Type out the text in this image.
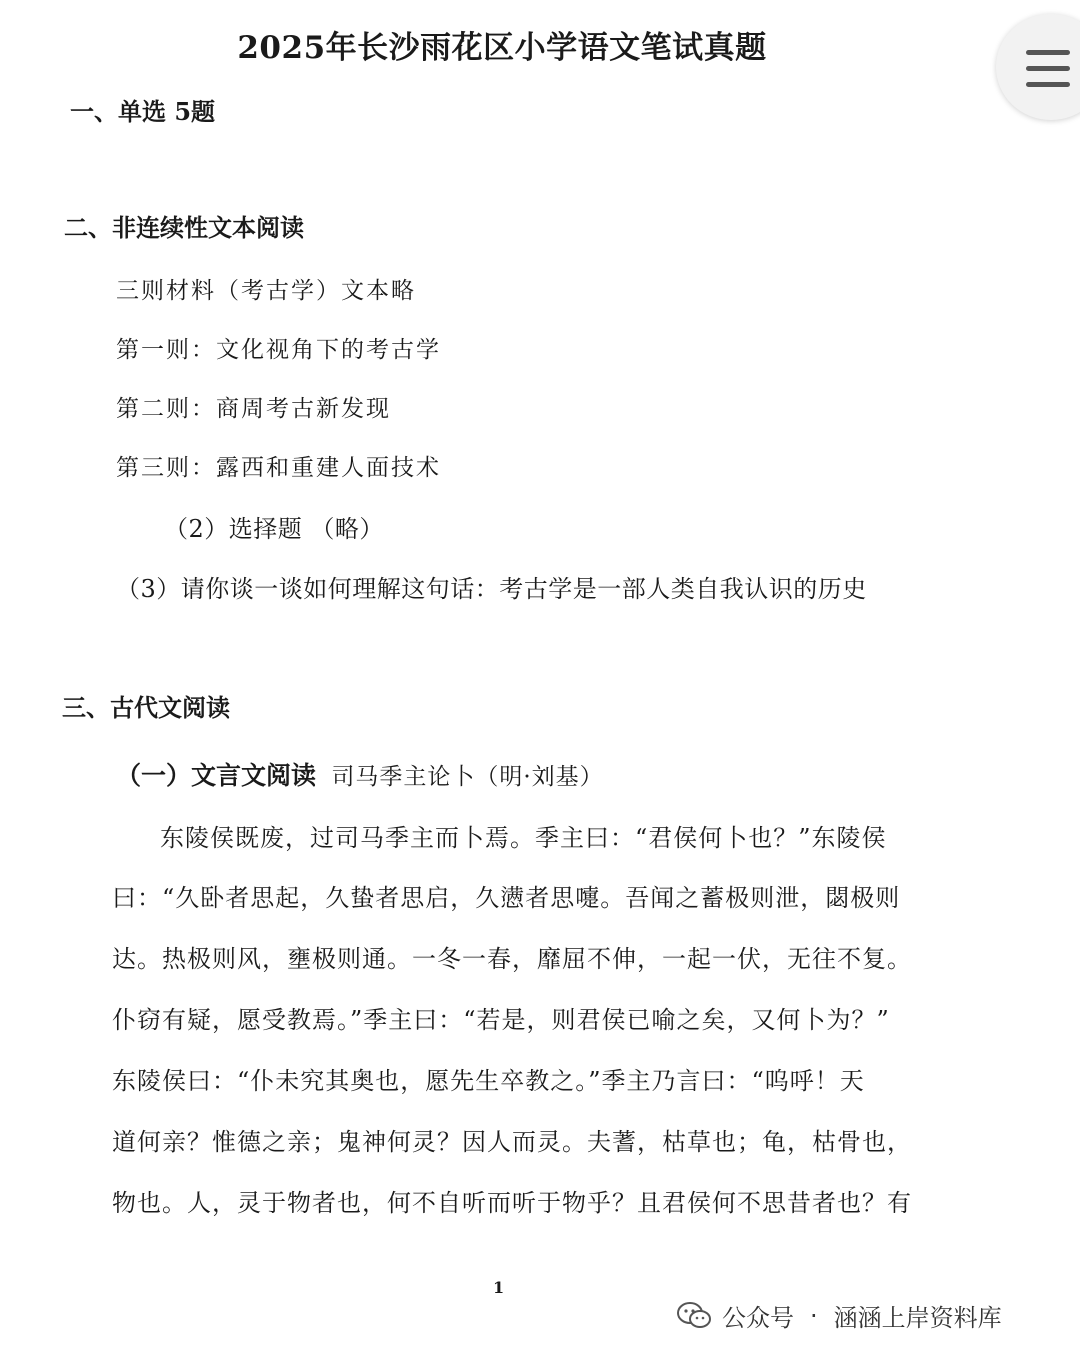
2025年长沙雨花区小学语文笔试真题
一、单选 5题
二、非连续性文本阅读
三则材料（考古学）文本略
第一则：文化视角下的考古学
第二则：商周考古新发现
第三则：露西和重建人面技术
（2）选择题 （略）
（3）请你谈一谈如何理解这句话：考古学是一部人类自我认识的历史
三、古代文阅读
（一）文言文阅读 司马季主论卜（明·刘基）
东陵侯既废，过司马季主而卜焉。季主曰：“君侯何卜也？”东陵侯
曰：“久卧者思起，久蛰者思启，久懑者思嚏。吾闻之蓄极则泄，閟极则
达。热极则风，壅极则通。一冬一春，靡屈不伸，一起一伏，无往不复。
仆窃有疑，愿受教焉。”季主曰：“若是，则君侯已喻之矣，又何卜为？”
东陵侯曰：“仆未究其奥也，愿先生卒教之。”季主乃言曰：“呜呼！天
道何亲？惟德之亲；鬼神何灵？因人而灵。夫蓍，枯草也；龟，枯骨也，
物也。人，灵于物者也，何不自听而听于物乎？且君侯何不思昔者也？有
1
公众号 · 涵涵上岸资料库
